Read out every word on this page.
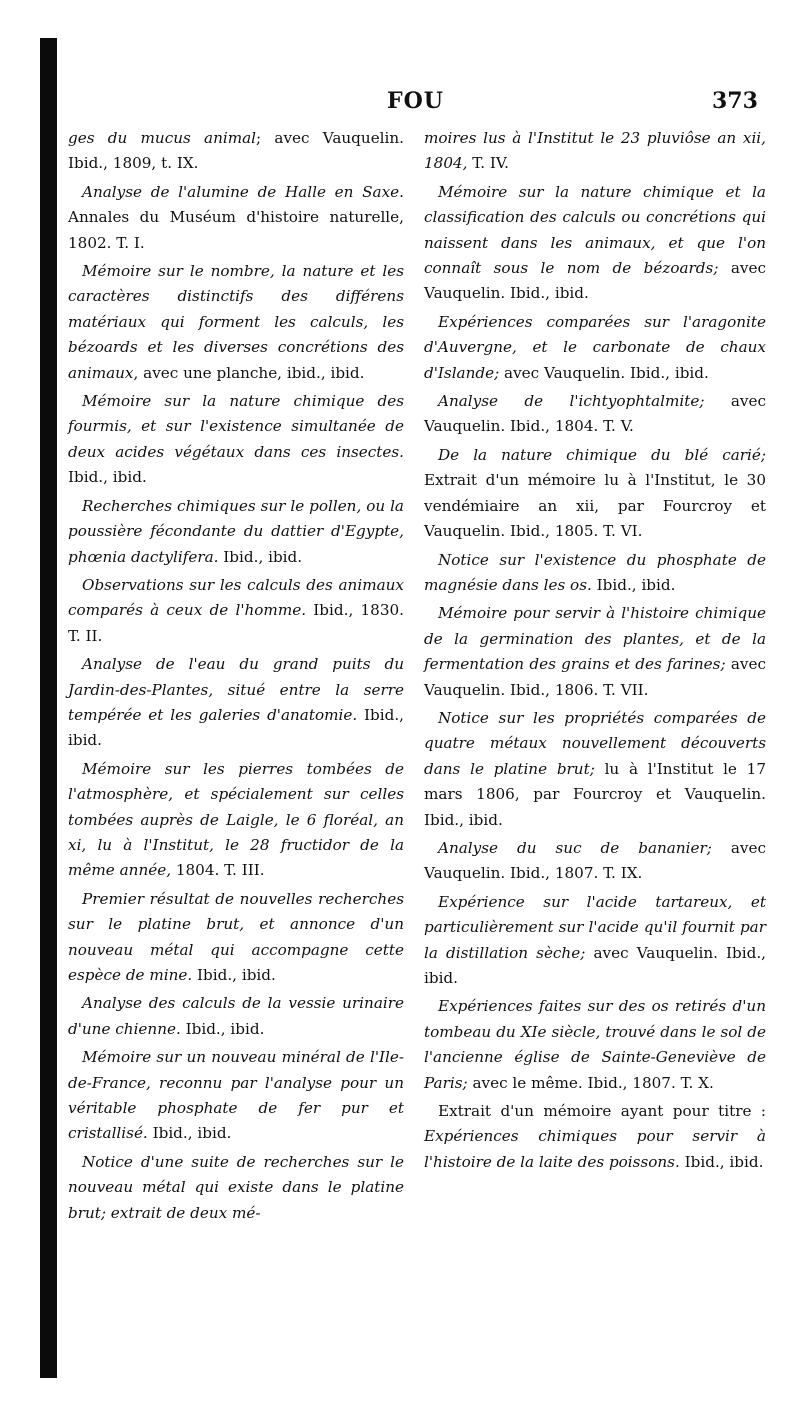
FOU	373

ges du mucus animal; avec Vauquelin. Ibid., 1809, t. IX.

Analyse de l'alumine de Halle en Saxe. Annales du Muséum d'histoire naturelle, 1802. T. I.

Mémoire sur le nombre, la nature et les caractères distinctifs des différens matériaux qui forment les calculs, les bézoards et les diverses concrétions des animaux, avec une planche, ibid., ibid.

Mémoire sur la nature chimique des fourmis, et sur l'existence simultanée de deux acides végétaux dans ces insectes. Ibid., ibid.

Recherches chimiques sur le pollen, ou la poussière fécondante du dattier d'Egypte, phœnia dactylifera. Ibid., ibid.

Observations sur les calculs des animaux comparés à ceux de l'homme. Ibid., 1830. T. II.

Analyse de l'eau du grand puits du Jardin-des-Plantes, situé entre la serre tempérée et les galeries d'anatomie. Ibid., ibid.

Mémoire sur les pierres tombées de l'atmosphère, et spécialement sur celles tombées auprès de Laigle, le 6 floréal, an xi, lu à l'Institut, le 28 fructidor de la même année, 1804. T. III.

Premier résultat de nouvelles recherches sur le platine brut, et annonce d'un nouveau métal qui accompagne cette espèce de mine. Ibid., ibid.

Analyse des calculs de la vessie urinaire d'une chienne. Ibid., ibid.

Mémoire sur un nouveau minéral de l'Ile-de-France, reconnu par l'analyse pour un véritable phosphate de fer pur et cristallisé. Ibid., ibid.

Notice d'une suite de recherches sur le nouveau métal qui existe dans le platine brut; extrait de deux mé-

moires lus à l'Institut le 23 pluviôse an xii, 1804, T. IV.

Mémoire sur la nature chimique et la classification des calculs ou concrétions qui naissent dans les animaux, et que l'on connaît sous le nom de bézoards; avec Vauquelin. Ibid., ibid.

Expériences comparées sur l'aragonite d'Auvergne, et le carbonate de chaux d'Islande; avec Vauquelin. Ibid., ibid.

Analyse de l'ichtyophtalmite; avec Vauquelin. Ibid., 1804. T. V.

De la nature chimique du blé carié; Extrait d'un mémoire lu à l'Institut, le 30 vendémiaire an xii, par Fourcroy et Vauquelin. Ibid., 1805. T. VI.

Notice sur l'existence du phosphate de magnésie dans les os. Ibid., ibid.

Mémoire pour servir à l'histoire chimique de la germination des plantes, et de la fermentation des grains et des farines; avec Vauquelin. Ibid., 1806. T. VII.

Notice sur les propriétés comparées de quatre métaux nouvellement découverts dans le platine brut; lu à l'Institut le 17 mars 1806, par Fourcroy et Vauquelin. Ibid., ibid.

Analyse du suc de bananier; avec Vauquelin. Ibid., 1807. T. IX.

Expérience sur l'acide tartareux, et particulièrement sur l'acide qu'il fournit par la distillation sèche; avec Vauquelin. Ibid., ibid.

Expériences faites sur des os retirés d'un tombeau du XIe siècle, trouvé dans le sol de l'ancienne église de Sainte-Geneviève de Paris; avec le même. Ibid., 1807. T. X.

Extrait d'un mémoire ayant pour titre : Expériences chimiques pour servir à l'histoire de la laite des poissons. Ibid., ibid.
